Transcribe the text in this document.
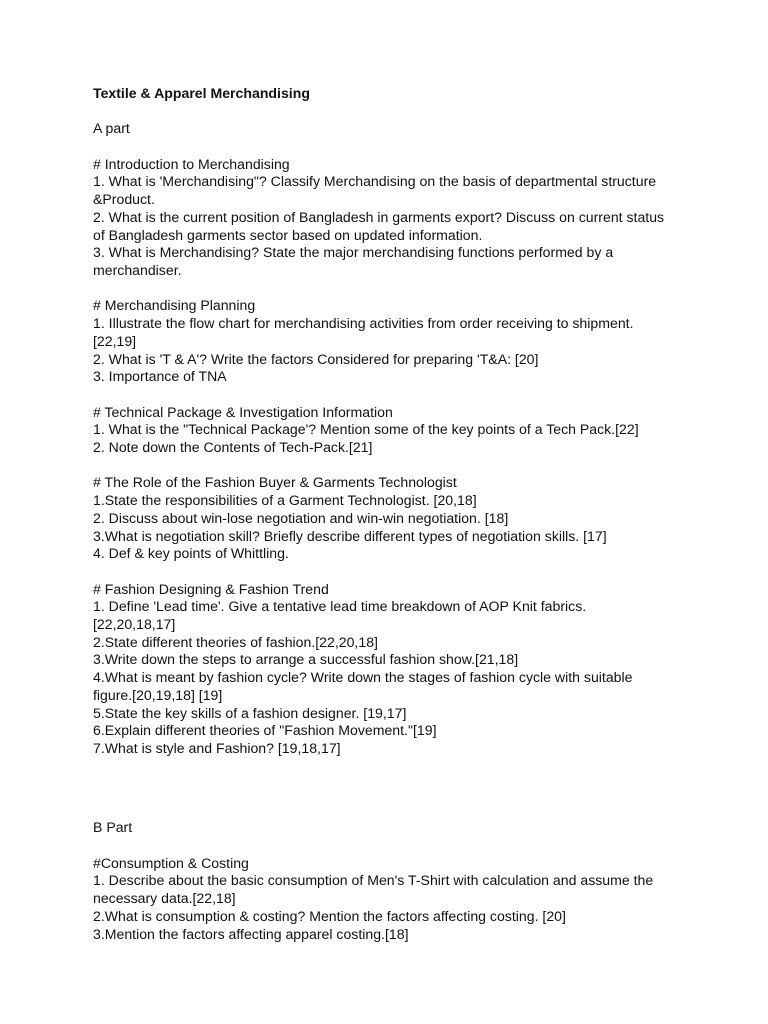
Textile & Apparel Merchandising
A part
# Introduction to Merchandising
1. What is 'Merchandising"? Classify Merchandising on the basis of departmental structure
&Product.
2. What is the current position of Bangladesh in garments export? Discuss on current status
of Bangladesh garments sector based on updated information.
3. What is Merchandising? State the major merchandising functions performed by a
merchandiser.
# Merchandising Planning
1. Illustrate the flow chart for merchandising activities from order receiving to shipment.
[22,19]
2. What is 'T & A'? Write the factors Considered for preparing 'T&A: [20]
3. Importance of TNA
# Technical Package & Investigation Information
1. What is the "Technical Package'? Mention some of the key points of a Tech Pack.[22]
2. Note down the Contents of Tech-Pack.[21]
# The Role of the Fashion Buyer & Garments Technologist
1.State the responsibilities of a Garment Technologist. [20,18]
2. Discuss about win-lose negotiation and win-win negotiation. [18]
3.What is negotiation skill? Briefly describe different types of negotiation skills. [17]
4. Def & key points of Whittling.
# Fashion Designing & Fashion Trend
1. Define 'Lead time'. Give a tentative lead time breakdown of AOP Knit fabrics.
[22,20,18,17]
2.State different theories of fashion.[22,20,18]
3.Write down the steps to arrange a successful fashion show.[21,18]
4.What is meant by fashion cycle? Write down the stages of fashion cycle with suitable
figure.[20,19,18] [19]
5.State the key skills of a fashion designer. [19,17]
6.Explain different theories of "Fashion Movement."[19]
7.What is style and Fashion? [19,18,17]
B Part
#Consumption & Costing
1. Describe about the basic consumption of Men's T-Shirt with calculation and assume the
necessary data.[22,18]
2.What is consumption & costing? Mention the factors affecting costing. [20]
3.Mention the factors affecting apparel costing.[18]
